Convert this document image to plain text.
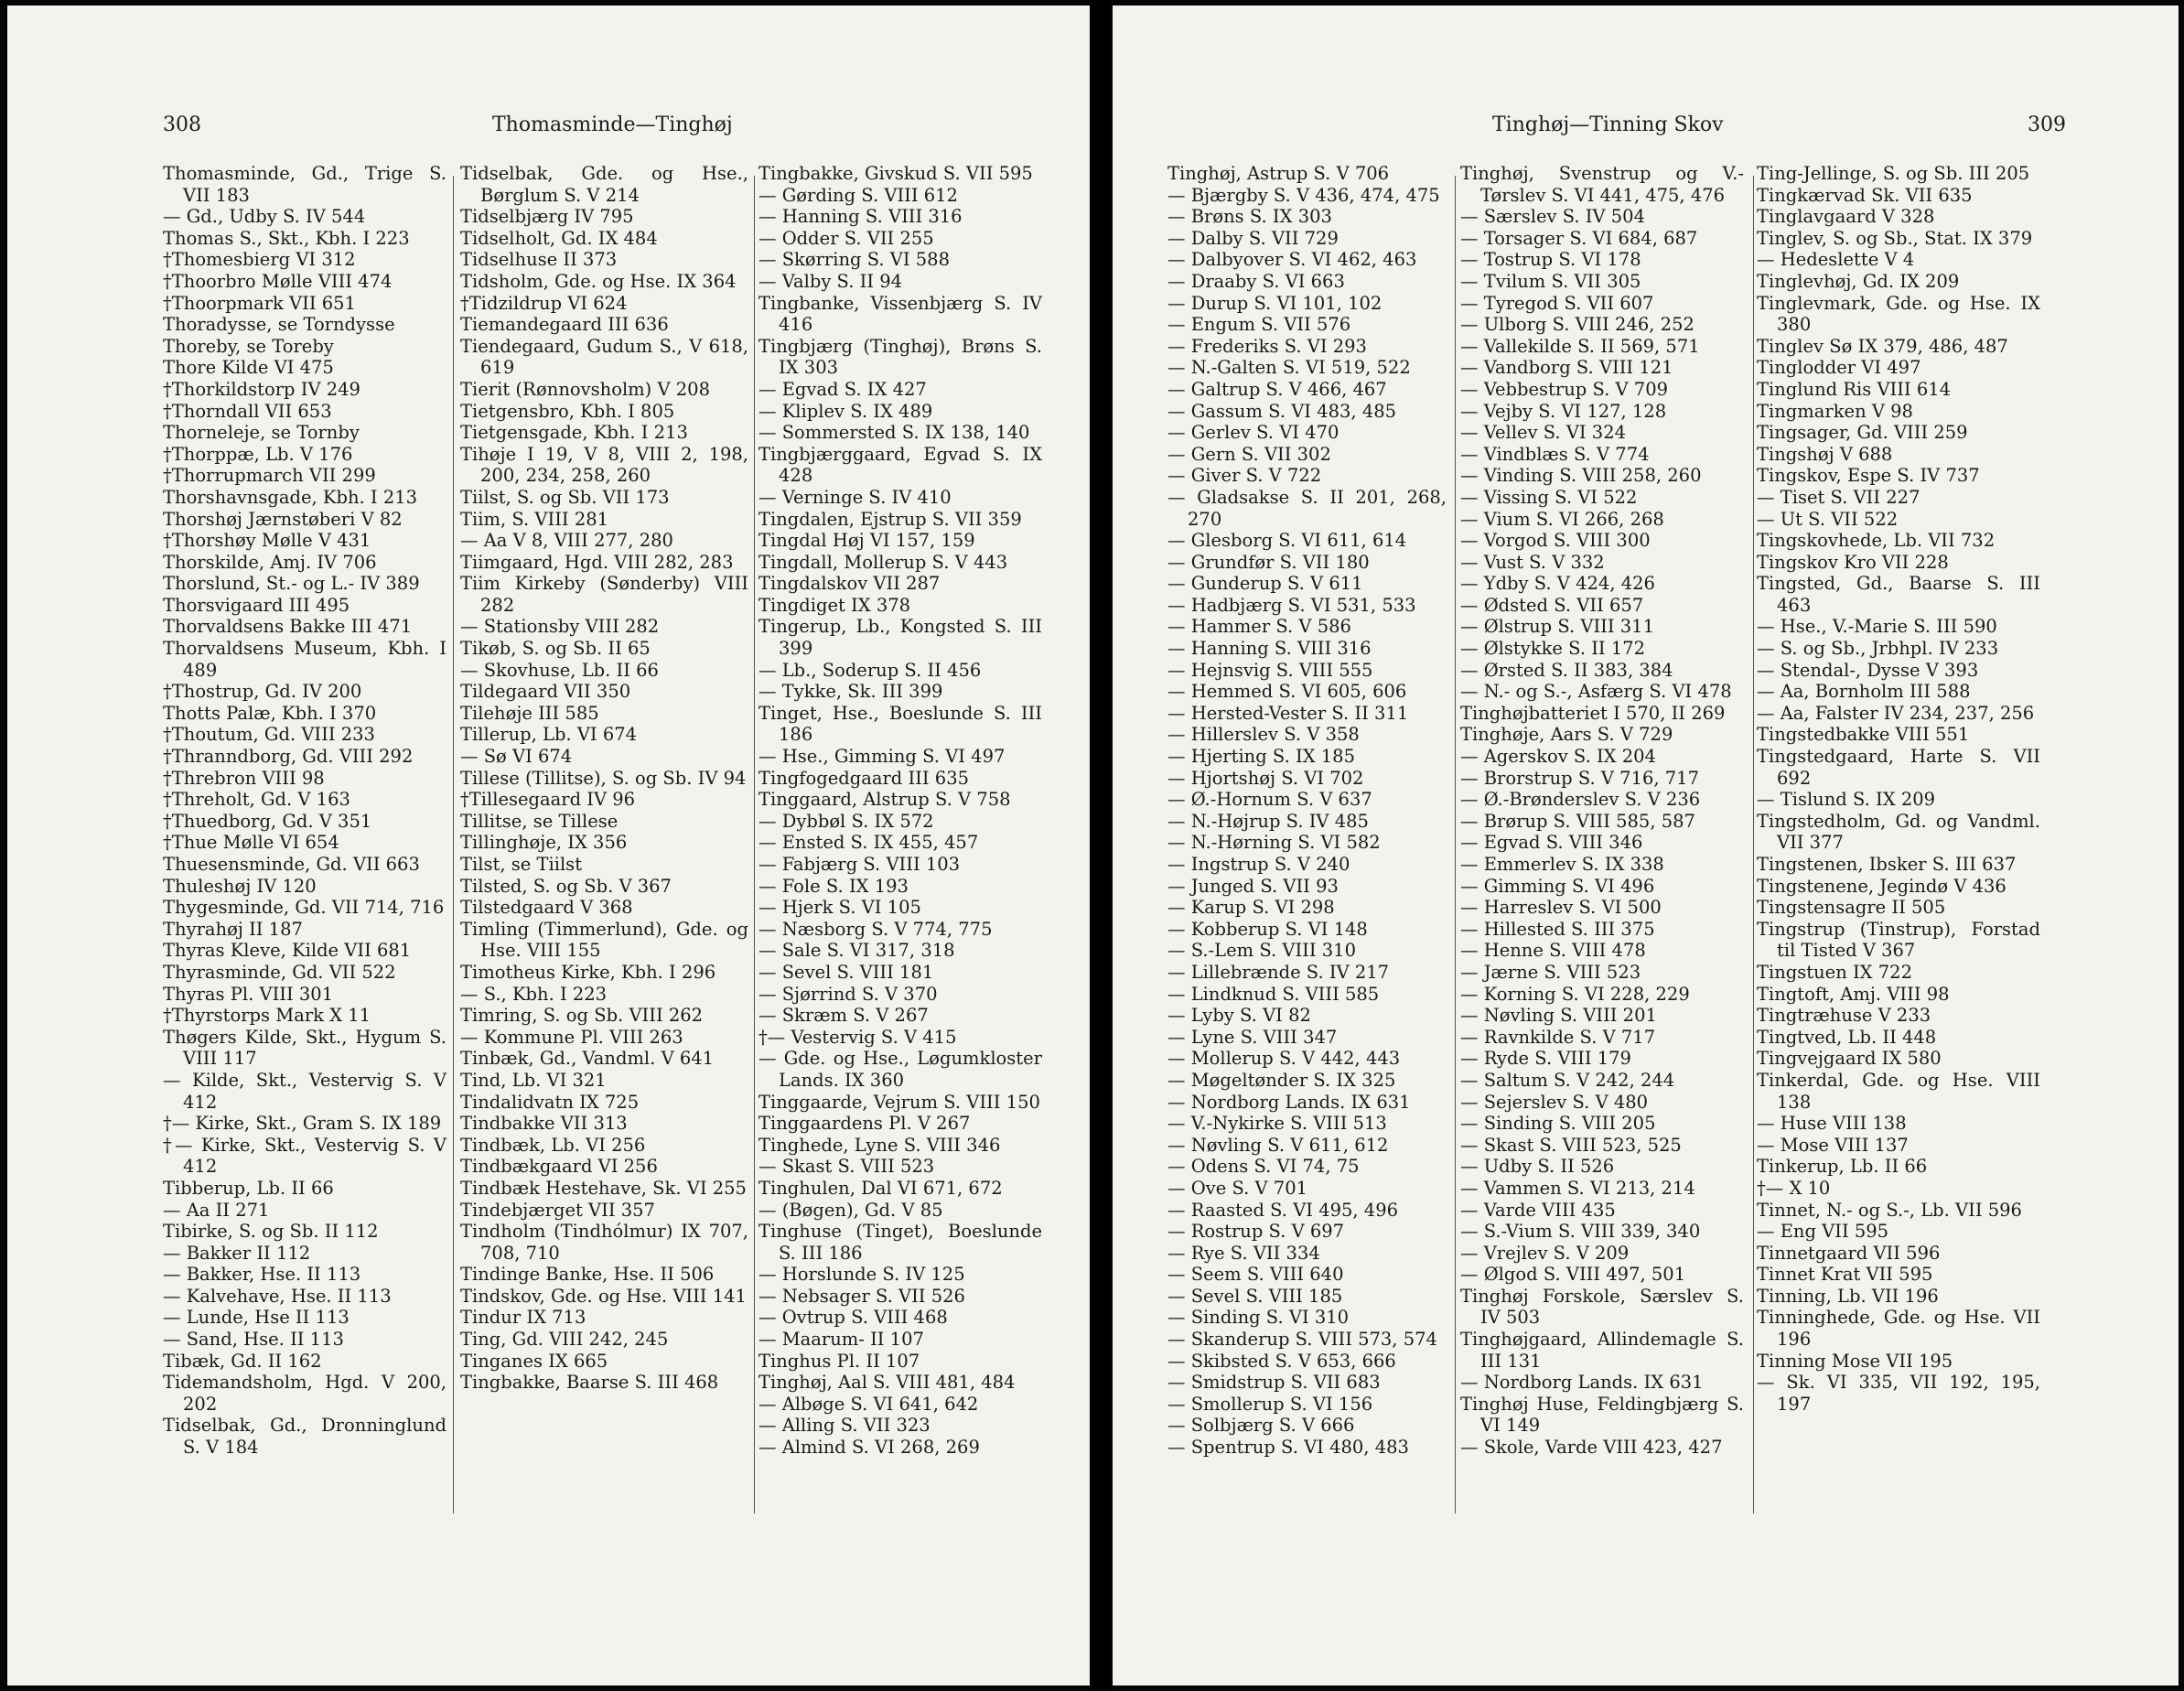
308	Thomasminde—Tinghøj

Thomasminde, Gd., Trige S. VII 183

— Gd., Udby S. IV 544

Thomas S., Skt., Kbh. I 223

†Thomesbierg VI 312

†Thoorbro Mølle VIII 474

†Thoorpmark VII 651

Thoradysse, se Torndysse

Thoreby, se Toreby

Thore Kilde VI 475

†Thorkildstorp IV 249

†Thorndall VII 653

Thorneleje, se Tornby

†Thorppæ, Lb. V 176

†Thorrupmarch VII 299

Thorshavnsgade, Kbh. I 213

Thorshøj Jærnstøberi V 82

†Thorshøy Mølle V 431

Thorskilde, Amj. IV 706

Thorslund, St.- og L.- IV 389

Thorsvigaard III 495

Thorvaldsens Bakke III 471

Thorvaldsens Museum, Kbh. I 489

†Thostrup, Gd. IV 200

Thotts Palæ, Kbh. I 370

†Thoutum, Gd. VIII 233

†Thranndborg, Gd. VIII 292

†Threbron VIII 98

†Threholt, Gd. V 163

†Thuedborg, Gd. V 351

†Thue Mølle VI 654

Thuesensminde, Gd. VII 663

Thuleshøj IV 120

Thygesminde, Gd. VII 714, 716

Thyrahøj II 187

Thyras Kleve, Kilde VII 681

Thyrasminde, Gd. VII 522

Thyras Pl. VIII 301

†Thyrstorps Mark X 11

Thøgers Kilde, Skt., Hygum S. VIII 117

— Kilde, Skt., Vestervig S. V 412

†— Kirke, Skt., Gram S. IX 189

†— Kirke, Skt., Vestervig S. V 412

Tibberup, Lb. II 66

— Aa II 271

Tibirke, S. og Sb. II 112

— Bakker II 112

— Bakker, Hse. II 113

— Kalvehave, Hse. II 113

— Lunde, Hse II 113

— Sand, Hse. II 113

Tibæk, Gd. II 162

Tidemandsholm, Hgd. V 200, 202

Tidselbak, Gd., Dronninglund S. V 184

Tidselbak, Gde. og Hse., Børglum S. V 214

Tidselbjærg IV 795

Tidselholt, Gd. IX 484

Tidselhuse II 373

Tidsholm, Gde. og Hse. IX 364

†Tidzildrup VI 624

Tiemandegaard III 636

Tiendegaard, Gudum S., V 618, 619

Tierit (Rønnovsholm) V 208

Tietgensbro, Kbh. I 805

Tietgensgade, Kbh. I 213

Tihøje I 19, V 8, VIII 2, 198, 200, 234, 258, 260

Tiilst, S. og Sb. VII 173

Tiim, S. VIII 281

— Aa V 8, VIII 277, 280

Tiimgaard, Hgd. VIII 282, 283

Tiim Kirkeby (Sønderby) VIII 282

— Stationsby VIII 282

Tikøb, S. og Sb. II 65

— Skovhuse, Lb. II 66

Tildegaard VII 350

Tilehøje III 585

Tillerup, Lb. VI 674

— Sø VI 674

Tillese (Tillitse), S. og Sb. IV 94

†Tillesegaard IV 96

Tillitse, se Tillese

Tillinghøje, IX 356

Tilst, se Tiilst

Tilsted, S. og Sb. V 367

Tilstedgaard V 368

Timling (Timmerlund), Gde. og Hse. VIII 155

Timotheus Kirke, Kbh. I 296

— S., Kbh. I 223

Timring, S. og Sb. VIII 262

— Kommune Pl. VIII 263

Tinbæk, Gd., Vandml. V 641

Tind, Lb. VI 321

Tindalidvatn IX 725

Tindbakke VII 313

Tindbæk, Lb. VI 256

Tindbækgaard VI 256

Tindbæk Hestehave, Sk. VI 255

Tindebjærget VII 357

Tindholm (Tindhólmur) IX 707, 708, 710

Tindinge Banke, Hse. II 506

Tindskov, Gde. og Hse. VIII 141

Tindur IX 713

Ting, Gd. VIII 242, 245

Tinganes IX 665

Tingbakke, Baarse S. III 468

Tingbakke, Givskud S. VII 595

— Gørding S. VIII 612

— Hanning S. VIII 316

— Odder S. VII 255

— Skørring S. VI 588

— Valby S. II 94

Tingbanke, Vissenbjærg S. IV 416

Tingbjærg (Tinghøj), Brøns S. IX 303

— Egvad S. IX 427

— Kliplev S. IX 489

— Sommersted S. IX 138, 140

Tingbjærggaard, Egvad S. IX 428

— Verninge S. IV 410

Tingdalen, Ejstrup S. VII 359

Tingdal Høj VI 157, 159

Tingdall, Mollerup S. V 443

Tingdalskov VII 287

Tingdiget IX 378

Tingerup, Lb., Kongsted S. III 399

— Lb., Soderup S. II 456

— Tykke, Sk. III 399

Tinget, Hse., Boeslunde S. III 186

— Hse., Gimming S. VI 497

Tingfogedgaard III 635

Tinggaard, Alstrup S. V 758

— Dybbøl S. IX 572

— Ensted S. IX 455, 457

— Fabjærg S. VIII 103

— Fole S. IX 193

— Hjerk S. VI 105

— Næsborg S. V 774, 775

— Sale S. VI 317, 318

— Sevel S. VIII 181

— Sjørrind S. V 370

— Skræm S. V 267

†— Vestervig S. V 415

— Gde. og Hse., Løgumkloster Lands. IX 360

Tinggaarde, Vejrum S. VIII 150

Tinggaardens Pl. V 267

Tinghede, Lyne S. VIII 346

— Skast S. VIII 523

Tinghulen, Dal VI 671, 672

— (Bøgen), Gd. V 85

Tinghuse (Tinget), Boeslunde S. III 186

— Horslunde S. IV 125

— Nebsager S. VII 526

— Ovtrup S. VIII 468

— Maarum- II 107

Tinghus Pl. II 107

Tinghøj, Aal S. VIII 481, 484

— Albøge S. VI 641, 642

— Alling S. VII 323

— Almind S. VI 268, 269

Tinghøj—Tinning Skov	309

Tinghøj, Astrup S. V 706

— Bjærgby S. V 436, 474, 475

— Brøns S. IX 303

— Dalby S. VII 729

— Dalbyover S. VI 462, 463

— Draaby S. VI 663

— Durup S. VI 101, 102

— Engum S. VII 576

— Frederiks S. VI 293

— N.-Galten S. VI 519, 522

— Galtrup S. V 466, 467

— Gassum S. VI 483, 485

— Gerlev S. VI 470

— Gern S. VII 302

— Giver S. V 722

— Gladsakse S. II 201, 268, 270

— Glesborg S. VI 611, 614

— Grundfør S. VII 180

— Gunderup S. V 611

— Hadbjærg S. VI 531, 533

— Hammer S. V 586

— Hanning S. VIII 316

— Hejnsvig S. VIII 555

— Hemmed S. VI 605, 606

— Hersted-Vester S. II 311

— Hillerslev S. V 358

— Hjerting S. IX 185

— Hjortshøj S. VI 702

— Ø.-Hornum S. V 637

— N.-Højrup S. IV 485

— N.-Hørning S. VI 582

— Ingstrup S. V 240

— Junged S. VII 93

— Karup S. VI 298

— Kobberup S. VI 148

— S.-Lem S. VIII 310

— Lillebrænde S. IV 217

— Lindknud S. VIII 585

— Lyby S. VI 82

— Lyne S. VIII 347

— Mollerup S. V 442, 443

— Møgeltønder S. IX 325

— Nordborg Lands. IX 631

— V.-Nykirke S. VIII 513

— Nøvling S. V 611, 612

— Odens S. VI 74, 75

— Ove S. V 701

— Raasted S. VI 495, 496

— Rostrup S. V 697

— Rye S. VII 334

— Seem S. VIII 640

— Sevel S. VIII 185

— Sinding S. VI 310

— Skanderup S. VIII 573, 574

— Skibsted S. V 653, 666

— Smidstrup S. VII 683

— Smollerup S. VI 156

— Solbjærg S. V 666

— Spentrup S. VI 480, 483

Tinghøj, Svenstrup og V.-Tørslev S. VI 441, 475, 476

— Særslev S. IV 504

— Torsager S. VI 684, 687

— Tostrup S. VI 178

— Tvilum S. VII 305

— Tyregod S. VII 607

— Ulborg S. VIII 246, 252

— Vallekilde S. II 569, 571

— Vandborg S. VIII 121

— Vebbestrup S. V 709

— Vejby S. VI 127, 128

— Vellev S. VI 324

— Vindblæs S. V 774

— Vinding S. VIII 258, 260

— Vissing S. VI 522

— Vium S. VI 266, 268

— Vorgod S. VIII 300

— Vust S. V 332

— Ydby S. V 424, 426

— Ødsted S. VII 657

— Ølstrup S. VIII 311

— Ølstykke S. II 172

— Ørsted S. II 383, 384

— N.- og S.-, Asfærg S. VI 478

Tinghøjbatteriet I 570, II 269

Tinghøje, Aars S. V 729

— Agerskov S. IX 204

— Brorstrup S. V 716, 717

— Ø.-Brønderslev S. V 236

— Brørup S. VIII 585, 587

— Egvad S. VIII 346

— Emmerlev S. IX 338

— Gimming S. VI 496

— Harreslev S. VI 500

— Hillested S. III 375

— Henne S. VIII 478

— Jærne S. VIII 523

— Korning S. VI 228, 229

— Nøvling S. VIII 201

— Ravnkilde S. V 717

— Ryde S. VIII 179

— Saltum S. V 242, 244

— Sejerslev S. V 480

— Sinding S. VIII 205

— Skast S. VIII 523, 525

— Udby S. II 526

— Vammen S. VI 213, 214

— Varde VIII 435

— S.-Vium S. VIII 339, 340

— Vrejlev S. V 209

— Ølgod S. VIII 497, 501

Tinghøj Forskole, Særslev S. IV 503

Tinghøjgaard, Allindemagle S. III 131

— Nordborg Lands. IX 631

Tinghøj Huse, Feldingbjærg S. VI 149

— Skole, Varde VIII 423, 427

Ting-Jellinge, S. og Sb. III 205

Tingkærvad Sk. VII 635

Tinglavgaard V 328

Tinglev, S. og Sb., Stat. IX 379

— Hedeslette V 4

Tinglevhøj, Gd. IX 209

Tinglevmark, Gde. og Hse. IX 380

Tinglev Sø IX 379, 486, 487

Tinglodder VI 497

Tinglund Ris VIII 614

Tingmarken V 98

Tingsager, Gd. VIII 259

Tingshøj V 688

Tingskov, Espe S. IV 737

— Tiset S. VII 227

— Ut S. VII 522

Tingskovhede, Lb. VII 732

Tingskov Kro VII 228

Tingsted, Gd., Baarse S. III 463

— Hse., V.-Marie S. III 590

— S. og Sb., Jrbhpl. IV 233

— Stendal-, Dysse V 393

— Aa, Bornholm III 588

— Aa, Falster IV 234, 237, 256

Tingstedbakke VIII 551

Tingstedgaard, Harte S. VII 692

— Tislund S. IX 209

Tingstedholm, Gd. og Vandml. VII 377

Tingstenen, Ibsker S. III 637

Tingstenene, Jegindø V 436

Tingstensagre II 505

Tingstrup (Tinstrup), Forstad til Tisted V 367

Tingstuen IX 722

Tingtoft, Amj. VIII 98

Tingtræhuse V 233

Tingtved, Lb. II 448

Tingvejgaard IX 580

Tinkerdal, Gde. og Hse. VIII 138

— Huse VIII 138

— Mose VIII 137

Tinkerup, Lb. II 66

†— X 10

Tinnet, N.- og S.-, Lb. VII 596

— Eng VII 595

Tinnetgaard VII 596

Tinnet Krat VII 595

Tinning, Lb. VII 196

Tinninghede, Gde. og Hse. VII 196

Tinning Mose VII 195

— Sk. VI 335, VII 192, 195, 197
